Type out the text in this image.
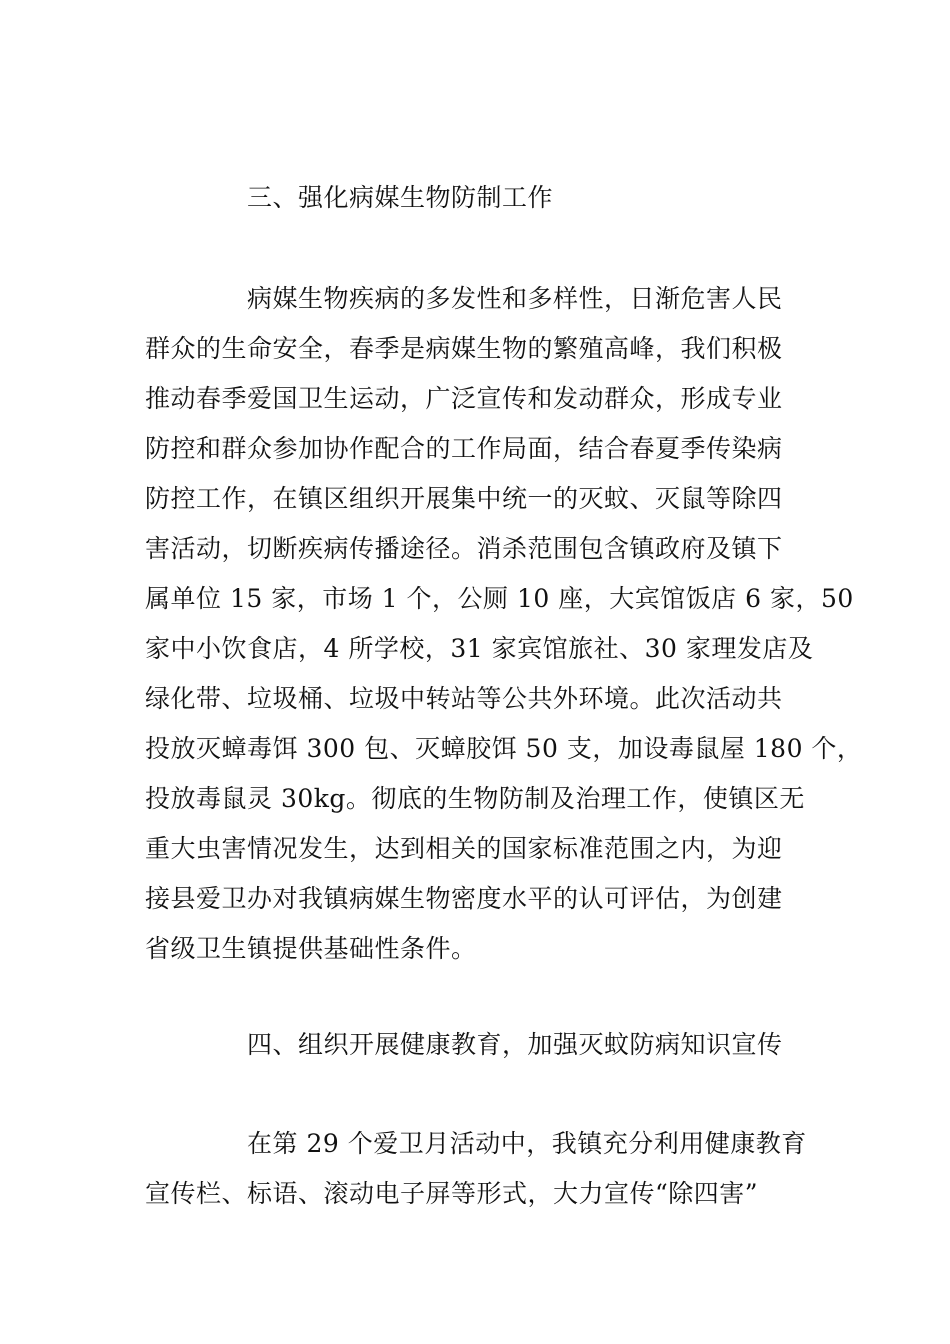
三、强化病媒生物防制工作
病媒生物疾病的多发性和多样性，日渐危害人民
群众的生命安全，春季是病媒生物的繁殖高峰，我们积极
推动春季爱国卫生运动，广泛宣传和发动群众，形成专业
防控和群众参加协作配合的工作局面，结合春夏季传染病
防控工作，在镇区组织开展集中统一的灭蚊、灭鼠等除四
害活动，切断疾病传播途径。消杀范围包含镇政府及镇下
属单位 15 家，市场 1 个，公厕 10 座，大宾馆饭店 6 家，50
家中小饮食店，4 所学校，31 家宾馆旅社、30 家理发店及
绿化带、垃圾桶、垃圾中转站等公共外环境。此次活动共
投放灭蟑毒饵 300 包、灭蟑胶饵 50 支，加设毒鼠屋 180 个，
投放毒鼠灵 30kg。彻底的生物防制及治理工作，使镇区无
重大虫害情况发生，达到相关的国家标准范围之内，为迎
接县爱卫办对我镇病媒生物密度水平的认可评估，为创建
省级卫生镇提供基础性条件。
四、组织开展健康教育，加强灭蚊防病知识宣传
在第 29 个爱卫月活动中，我镇充分利用健康教育
宣传栏、标语、滚动电子屏等形式，大力宣传“除四害”
